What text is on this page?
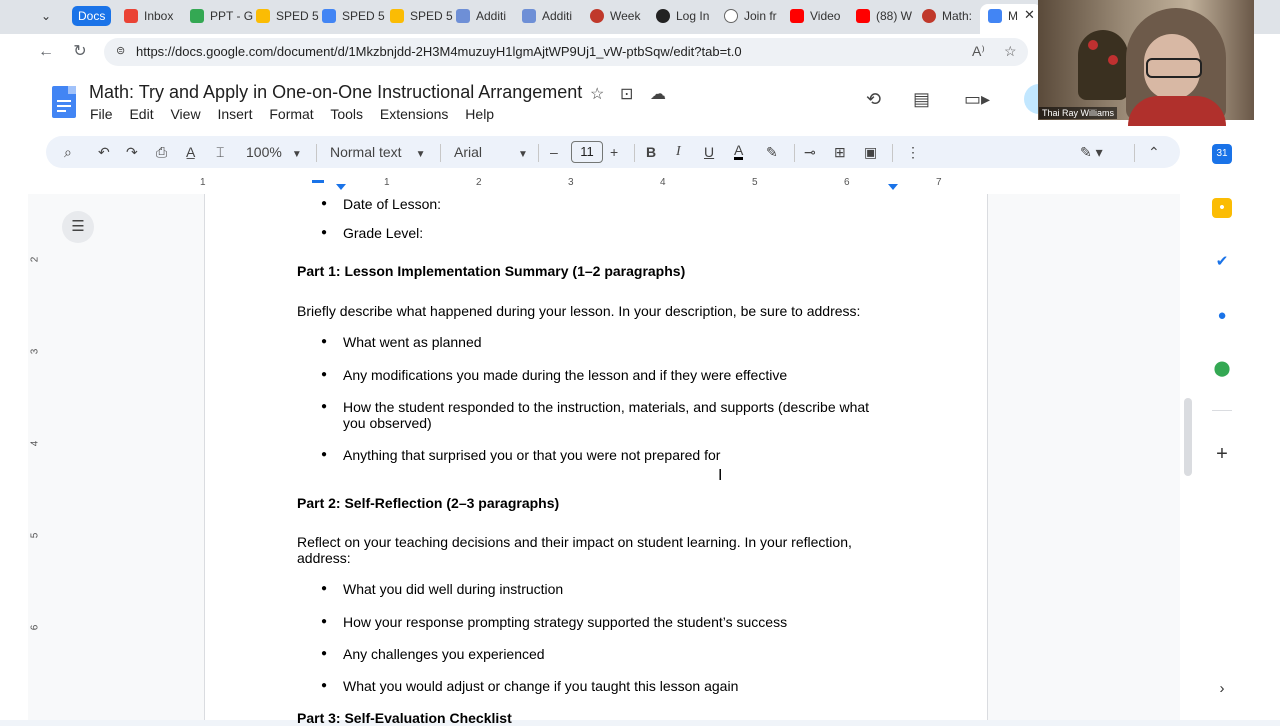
⌄	Docs	Inbox	PPT - G	SPED 5	SPED 5	SPED 5	Additi	Additi	Week	Log In	Join fr	Video	(88) W	Math:	M ✕
← ↻	⊜ https://docs.google.com/document/d/1Mkzbnjdd-2H3M4muzuyH1lgmAjtWP9Uj1_vW-ptbSqw/edit?tab=t.0	A⁾ ☆
Math: Try and Apply in One-on-One Instructional Arrangement ☆ ⊡ ☁
File Edit View Insert Format Tools Extensions Help
⟲ ▤ ▭▸
⌕ ↶ ↷ ⎙ A̲ ⌶ 100% ▼ Normal text ▼ Arial	▼ –	+ B I U A ✎ ⊸ ⊞ ▣ ⋮	✎ ▾	⌃
11
1	1	2	3	4	5	6	7
2
3
4
5
6
☰
● Date of Lesson:
● Grade Level:
Part 1: Lesson Implementation Summary (1–2 paragraphs)
Briefly describe what happened during your lesson. In your description, be sure to address:
● What went as planned
● Any modifications you made during the lesson and if they were effective
● How the student responded to the instruction, materials, and supports (describe what
you observed)
● Anything that surprised you or that you were not prepared for
Part 2: Self-Reflection (2–3 paragraphs)
Reflect on your teaching decisions and their impact on student learning. In your reflection,
address:
● What you did well during instruction
● How your response prompting strategy supported the student’s success
● Any challenges you experienced
● What you would adjust or change if you taught this lesson again
Part 3: Self-Evaluation Checklist
I
31
•
✔
●
⬤
+
›
Thai Ray Williams
